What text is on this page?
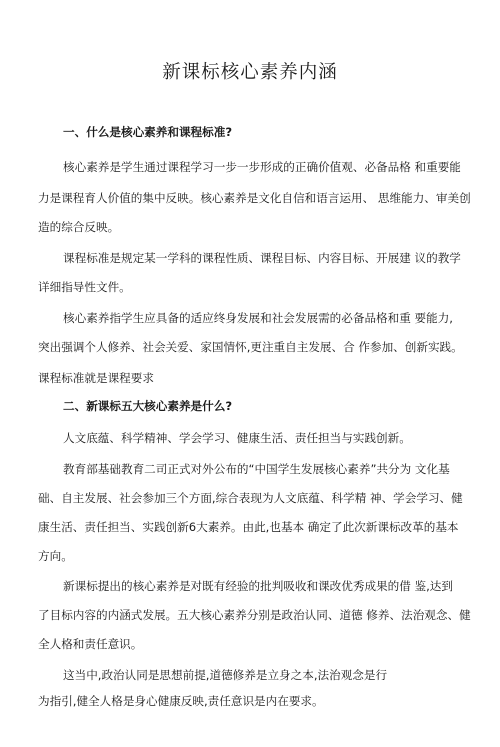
新课标核心素养内涵
一、什么是核心素养和课程标准?
核心素养是学生通过课程学习一步一步形成的正确价值观、必备品格 和重要能
力是课程育人价值的集中反映。核心素养是文化自信和语言运用、 思维能力、审美创
造的综合反映。
课程标准是规定某一学科的课程性质、课程目标、内容目标、开展建 议的教学
详细指导性文件。
核心素养指学生应具备的适应终身发展和社会发展需的必备品格和重 要能力,
突出强调个人修养、社会关爱、家国情怀,更注重自主发展、合 作参加、创新实践。
课程标准就是课程要求
二、新课标五大核心素养是什么?
人文底蕴、科学精神、学会学习、健康生活、责任担当与实践创新。
教育部基础教育二司正式对外公布的“中国学生发展核心素养”共分为 文化基
础、自主发展、社会参加三个方面,综合表现为人文底蕴、科学精 神、学会学习、健
康生活、责任担当、实践创新6大素养。由此,也基本 确定了此次新课标改革的基本
方向。
新课标提出的核心素养是对既有经验的批判吸收和课改优秀成果的借 鉴,达到
了目标内容的内涵式发展。五大核心素养分别是政治认同、道德 修养、法治观念、健
全人格和责任意识。
这当中,政治认同是思想前提,道德修养是立身之本,法治观念是行
为指引,健全人格是身心健康反映,责任意识是内在要求。
